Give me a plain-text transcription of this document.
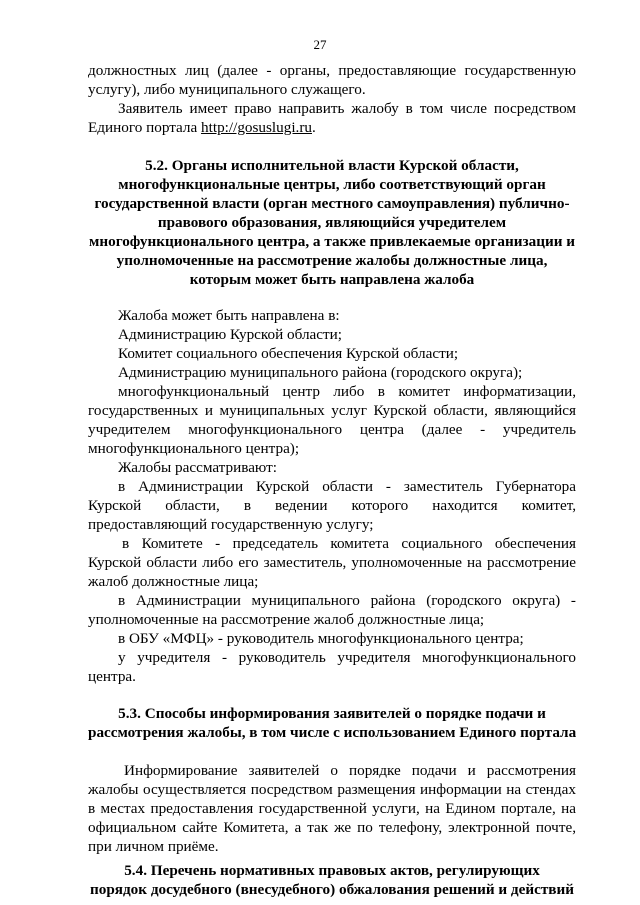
27
должностных лиц (далее - органы, предоставляющие государственную
услугу), либо муниципального служащего.
Заявитель имеет право направить жалобу в том числе посредством
Единого портала http://gosuslugi.ru.
5.2. Органы исполнительной власти Курской области,
многофункциональные центры, либо соответствующий орган
государственной власти (орган местного самоуправления) публично-
правового образования, являющийся учредителем
многофункционального центра, а также привлекаемые организации и
уполномоченные на рассмотрение жалобы должностные лица,
которым может быть направлена жалоба
Жалоба может быть направлена в:
Администрацию Курской области;
Комитет социального обеспечения Курской области;
Администрацию муниципального района (городского округа);
многофункциональный центр либо в комитет информатизации,
государственных и муниципальных услуг Курской области, являющийся
учредителем многофункционального центра (далее - учредитель
многофункционального центра);
Жалобы рассматривают:
в Администрации Курской области - заместитель Губернатора
Курской области, в ведении которого находится комитет,
предоставляющий государственную услугу;
в Комитете - председатель комитета социального обеспечения
Курской области либо его заместитель, уполномоченные на рассмотрение
жалоб должностные лица;
в Администрации муниципального района (городского округа) -
уполномоченные на рассмотрение жалоб должностные лица;
в ОБУ «МФЦ» - руководитель многофункционального центра;
у учредителя - руководитель учредителя многофункционального
центра.
5.3. Способы информирования заявителей о порядке подачи и
рассмотрения жалобы, в том числе с использованием Единого портала
Информирование заявителей о порядке подачи и рассмотрения
жалобы осуществляется посредством размещения информации на стендах
в местах предоставления государственной услуги, на Едином портале, на
официальном сайте Комитета, а так же по телефону, электронной почте,
при личном приёме.
5.4. Перечень нормативных правовых актов, регулирующих
порядок досудебного (внесудебного) обжалования решений и действий
